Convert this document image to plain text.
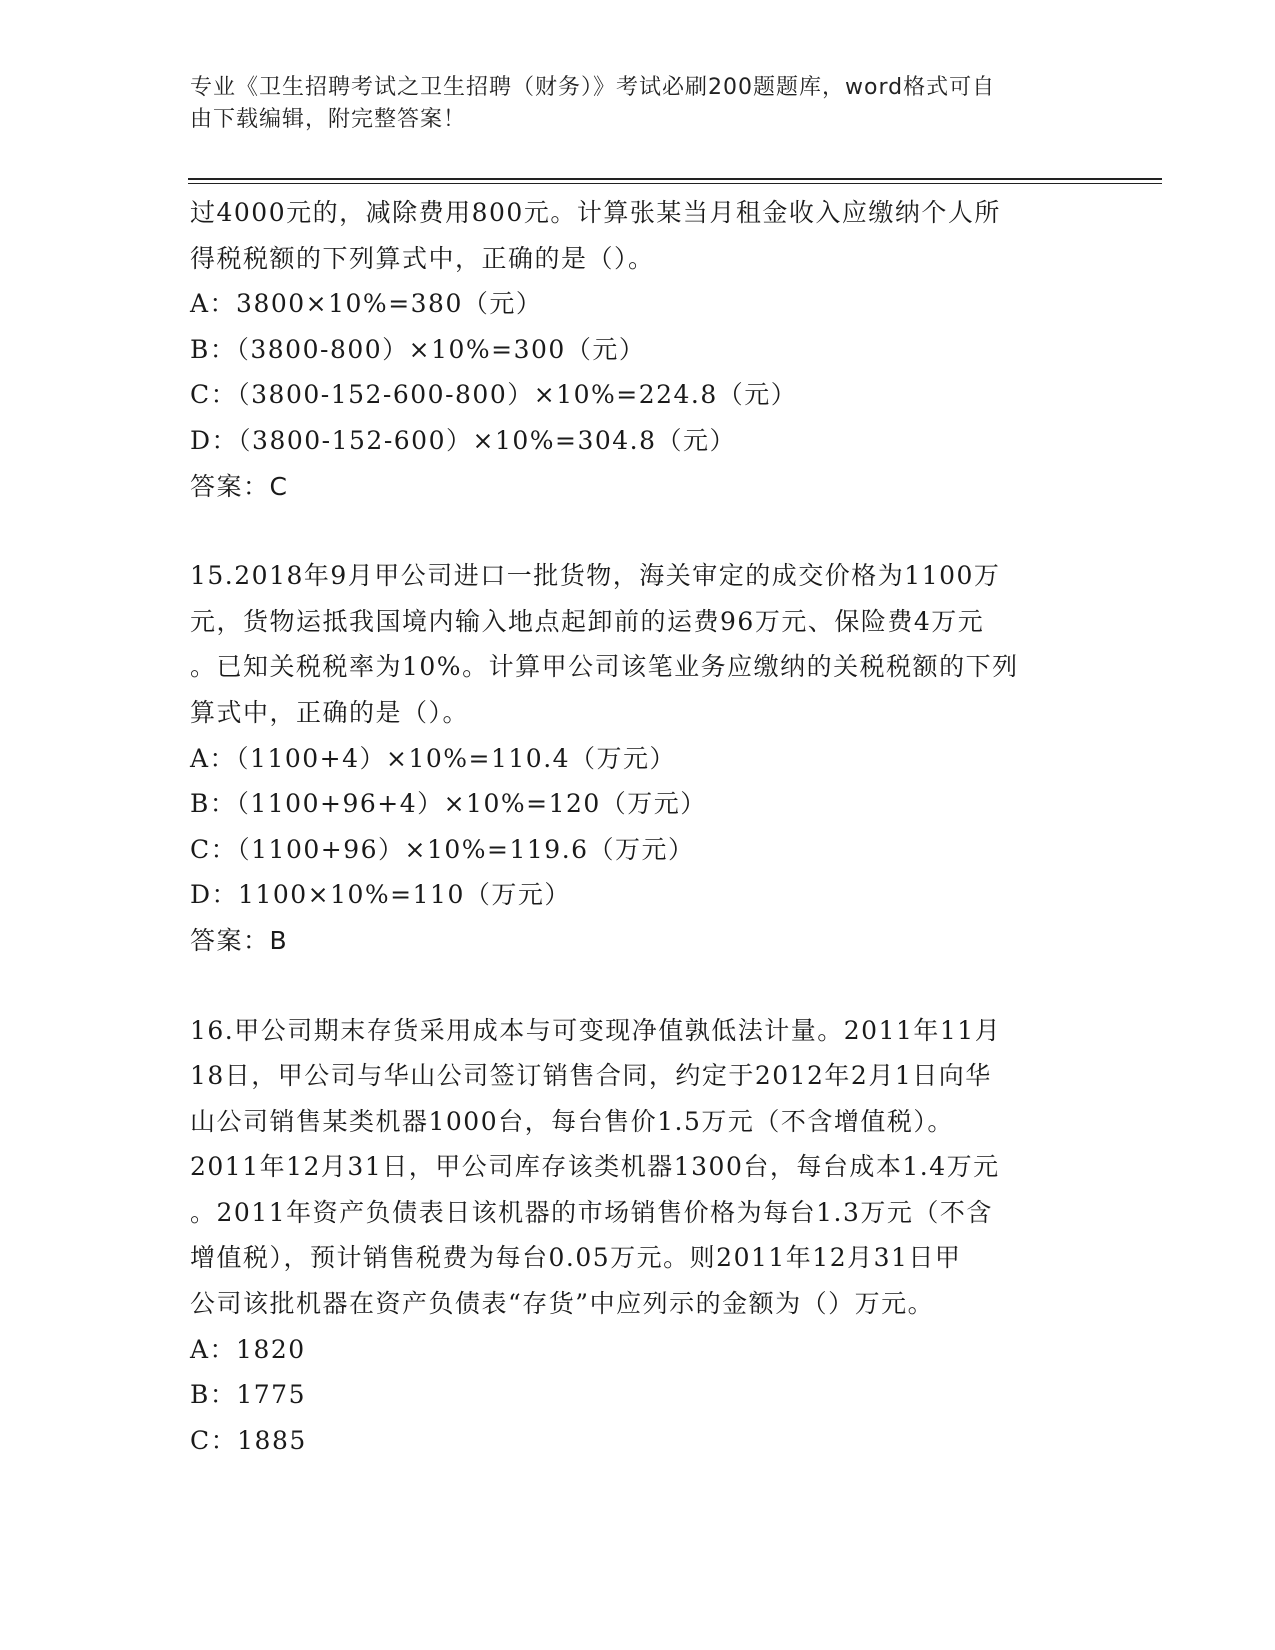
专业《卫生招聘考试之卫生招聘（财务）》考试必刷200题题库，word格式可自
由下载编辑，附完整答案！

过4000元的，减除费用800元。计算张某当月租金收入应缴纳个人所

得税税额的下列算式中，正确的是（）。

A：3800×10%=380（元）

B：（3800-800）×10%=300（元）

C：（3800-152-600-800）×10%=224.8（元）

D：（3800-152-600）×10%=304.8（元）

答案：C

15.2018年9月甲公司进口一批货物，海关审定的成交价格为1100万

元，货物运抵我国境内输入地点起卸前的运费96万元、保险费4万元

。已知关税税率为10%。计算甲公司该笔业务应缴纳的关税税额的下列

算式中，正确的是（）。

A：（1100+4）×10%=110.4（万元）

B：（1100+96+4）×10%=120（万元）

C：（1100+96）×10%=119.6（万元）

D：1100×10%=110（万元）

答案：B

16.甲公司期末存货采用成本与可变现净值孰低法计量。2011年11月

18日，甲公司与华山公司签订销售合同，约定于2012年2月1日向华

山公司销售某类机器1000台，每台售价1.5万元（不含增值税）。

2011年12月31日，甲公司库存该类机器1300台，每台成本1.4万元

。2011年资产负债表日该机器的市场销售价格为每台1.3万元（不含

增值税），预计销售税费为每台0.05万元。则2011年12月31日甲

公司该批机器在资产负债表“存货”中应列示的金额为（）万元。

A：1820

B：1775

C：1885
